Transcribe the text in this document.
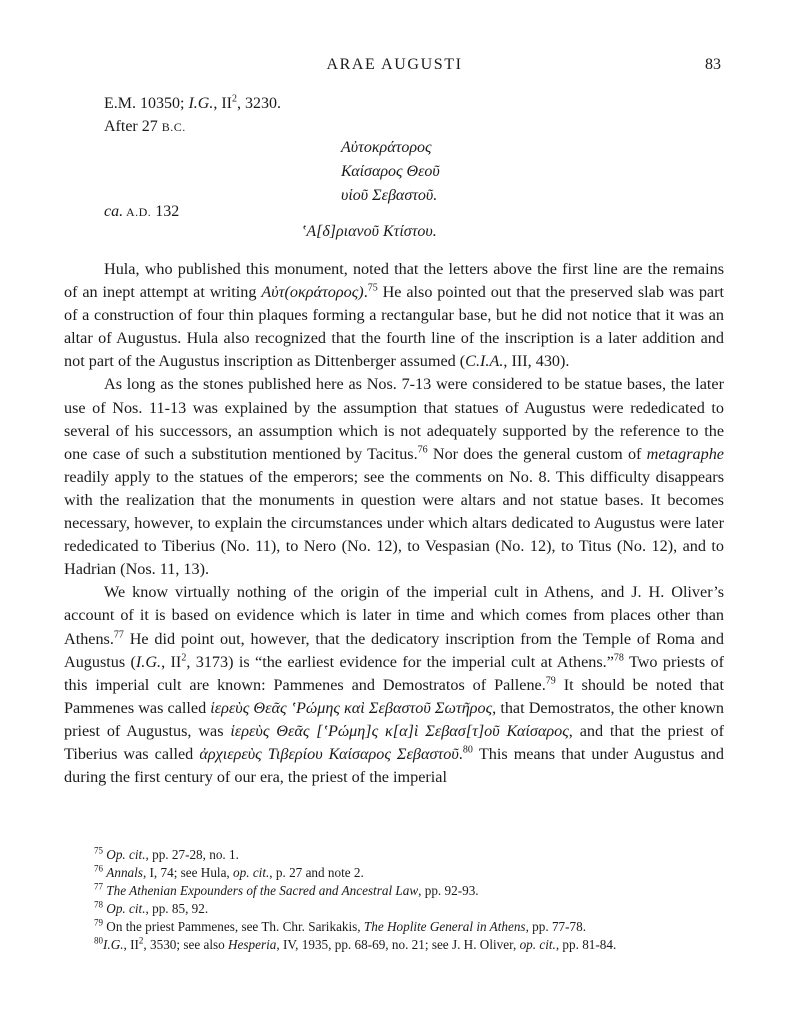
ARAE AUGUSTI	83
E.M. 10350; I.G., $II^2$, 3230.
After 27 B.C.
Αὐτοκράτορος
Καίσαρος Θεοῦ
υἱοῦ Σεβαστοῦ.
ca. A.D. 132
ʽΑ[δ]ριανοῦ Κτίστου.

Hula, who published this monument, noted that the letters above the first line are the remains of an inept attempt at writing Αὐτ(οκράτορος).$^{75}$ He also pointed out that the preserved slab was part of a construction of four thin plaques forming a rectangular base, but he did not notice that it was an altar of Augustus. Hula also recognized that the fourth line of the inscription is a later addition and not part of the Augustus inscription as Dittenberger assumed (C.I.A., III, 430).

As long as the stones published here as Nos. 7-13 were considered to be statue bases, the later use of Nos. 11-13 was explained by the assumption that statues of Augustus were rededicated to several of his successors, an assumption which is not adequately supported by the reference to the one case of such a substitution mentioned by Tacitus.$^{76}$ Nor does the general custom of metagraphe readily apply to the statues of the emperors; see the comments on No. 8. This difficulty disappears with the realization that the monuments in question were altars and not statue bases. It becomes necessary, however, to explain the circumstances under which altars dedicated to Augustus were later rededicated to Tiberius (No. 11), to Nero (No. 12), to Vespasian (No. 12), to Titus (No. 12), and to Hadrian (Nos. 11, 13).

We know virtually nothing of the origin of the imperial cult in Athens, and J. H. Oliver’s account of it is based on evidence which is later in time and which comes from places other than Athens.$^{77}$ He did point out, however, that the dedicatory inscription from the Temple of Roma and Augustus (I.G., $II^2$, 3173) is “the earliest evidence for the imperial cult at Athens.”$^{78}$ Two priests of this imperial cult are known: Pammenes and Demostratos of Pallene.$^{79}$ It should be noted that Pammenes was called ἱερεὺς Θεᾶς ʽΡώμης καὶ Σεβαστοῦ Σωτῆρος, that Demostratos, the other known priest of Augustus, was ἱερεὺς Θεᾶς [ʽΡώμη]ς κ[α]ὶ Σεβασ[τ]οῦ Καίσαρος, and that the priest of Tiberius was called ἀρχιερεὺς Τιβερίου Καίσαρος Σεβαστοῦ.$^{80}$ This means that under Augustus and during the first century of our era, the priest of the imperial

$^{75}$ Op. cit., pp. 27-28, no. 1.

$^{76}$ Annals, I, 74; see Hula, op. cit., p. 27 and note 2.

$^{77}$ The Athenian Expounders of the Sacred and Ancestral Law, pp. 92-93.

$^{78}$ Op. cit., pp. 85, 92.

$^{79}$ On the priest Pammenes, see Th. Chr. Sarikakis, The Hoplite General in Athens, pp. 77-78.

$^{80}$I.G., $II^2$, 3530; see also Hesperia, IV, 1935, pp. 68-69, no. 21; see J. H. Oliver, op. cit., pp. 81-84.
